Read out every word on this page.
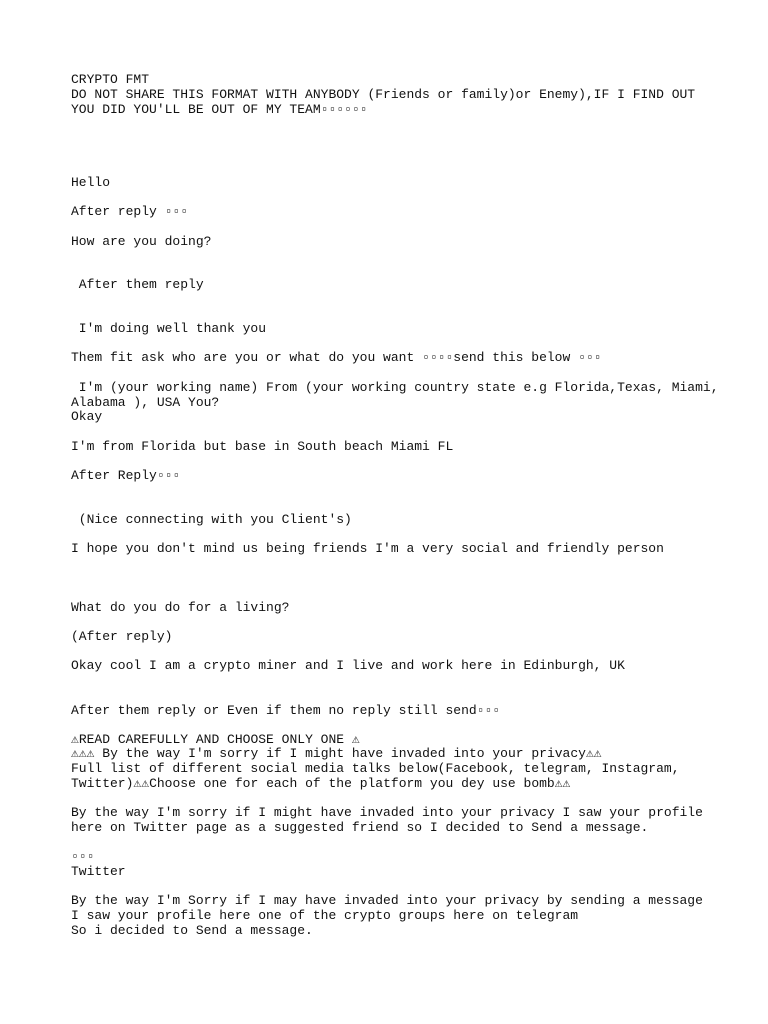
CRYPTO FMT

DO NOT SHARE THIS FORMAT WITH ANYBODY (Friends or family)or Enemy),IF I FIND OUT

YOU DID YOU'LL BE OUT OF MY TEAM▫▫▫▫▫▫

Hello

After reply ▫▫▫

How are you doing?

After them reply

I'm doing well thank you

Them fit ask who are you or what do you want ▫▫▫▫send this below ▫▫▫

I'm (your working name) From (your working country state e.g Florida,Texas, Miami,

Alabama ), USA You?

Okay

I'm from Florida but base in South beach Miami FL

After Reply▫▫▫

(Nice connecting with you Client's)

I hope you don't mind us being friends I'm a very social and friendly person

What do you do for a living?

(After reply)

Okay cool I am a crypto miner and I live and work here in Edinburgh, UK

After them reply or Even if them no reply still send▫▫▫

⚠READ CAREFULLY AND CHOOSE ONLY ONE ⚠

⚠⚠⚠ By the way I'm sorry if I might have invaded into your privacy⚠⚠

Full list of different social media talks below(Facebook, telegram, Instagram,

Twitter)⚠⚠Choose one for each of the platform you dey use bomb⚠⚠

By the way I'm sorry if I might have invaded into your privacy I saw your profile

here on Twitter page as a suggested friend so I decided to Send a message.

▫▫▫

Twitter

By the way I'm Sorry if I may have invaded into your privacy by sending a message

I saw your profile here one of the crypto groups here on telegram

So i decided to Send a message.
